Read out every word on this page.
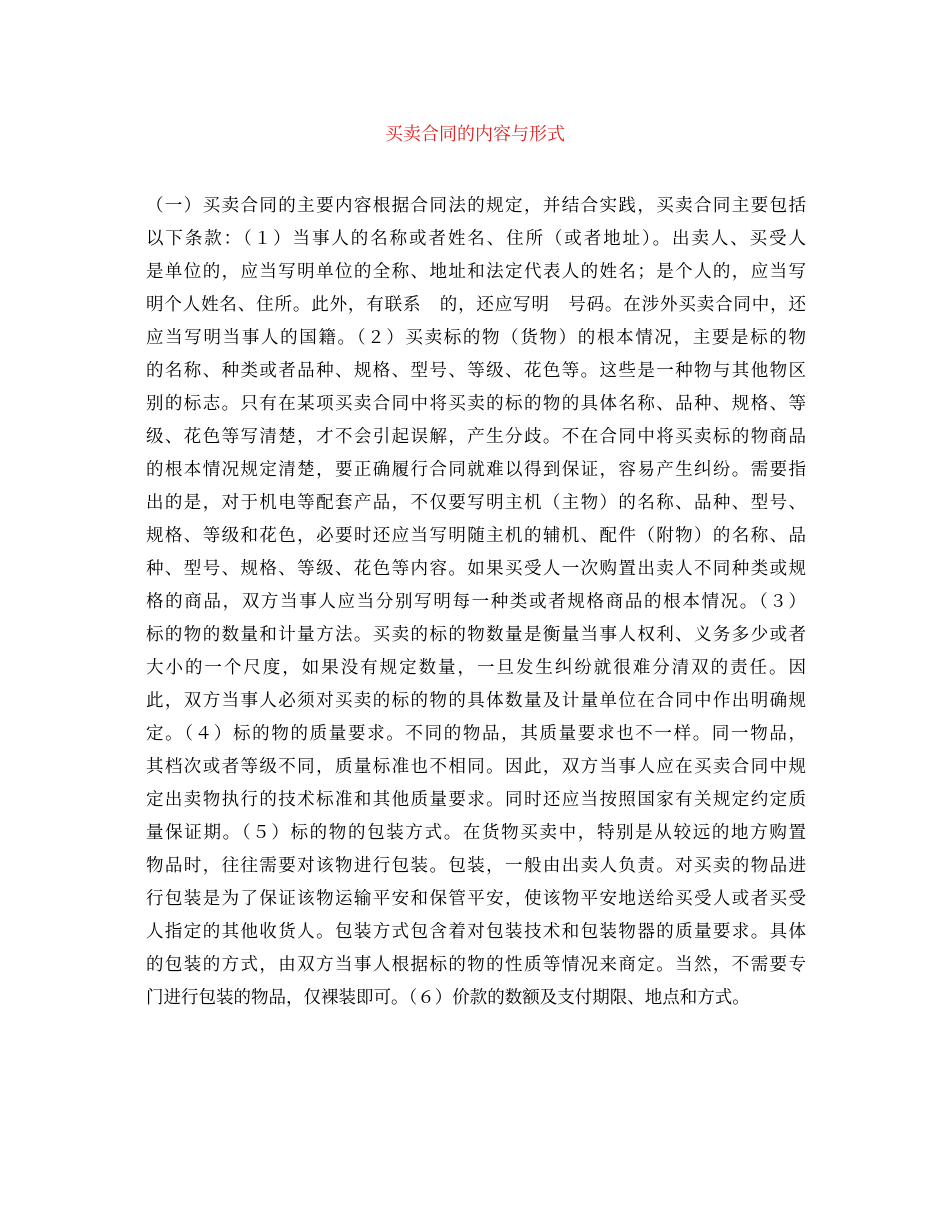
买卖合同的内容与形式
（一）买卖合同的主要内容根据合同法的规定，并结合实践，买卖合同主要包括
以下条款：（１）当事人的名称或者姓名、住所（或者地址）。出卖人、买受人
是单位的，应当写明单位的全称、地址和法定代表人的姓名；是个人的，应当写
明个人姓名、住所。此外，有联系　的，还应写明　号码。在涉外买卖合同中，还
应当写明当事人的国籍。（２）买卖标的物（货物）的根本情况，主要是标的物
的名称、种类或者品种、规格、型号、等级、花色等。这些是一种物与其他物区
别的标志。只有在某项买卖合同中将买卖的标的物的具体名称、品种、规格、等
级、花色等写清楚，才不会引起误解，产生分歧。不在合同中将买卖标的物商品
的根本情况规定清楚，要正确履行合同就难以得到保证，容易产生纠纷。需要指
出的是，对于机电等配套产品，不仅要写明主机（主物）的名称、品种、型号、
规格、等级和花色，必要时还应当写明随主机的辅机、配件（附物）的名称、品
种、型号、规格、等级、花色等内容。如果买受人一次购置出卖人不同种类或规
格的商品，双方当事人应当分别写明每一种类或者规格商品的根本情况。（３）
标的物的数量和计量方法。买卖的标的物数量是衡量当事人权利、义务多少或者
大小的一个尺度，如果没有规定数量，一旦发生纠纷就很难分清双的责任。因
此，双方当事人必须对买卖的标的物的具体数量及计量单位在合同中作出明确规
定。（４）标的物的质量要求。不同的物品，其质量要求也不一样。同一物品，
其档次或者等级不同，质量标准也不相同。因此，双方当事人应在买卖合同中规
定出卖物执行的技术标准和其他质量要求。同时还应当按照国家有关规定约定质
量保证期。（５）标的物的包装方式。在货物买卖中，特别是从较远的地方购置
物品时，往往需要对该物进行包装。包装，一般由出卖人负责。对买卖的物品进
行包装是为了保证该物运输平安和保管平安，使该物平安地送给买受人或者买受
人指定的其他收货人。包装方式包含着对包装技术和包装物器的质量要求。具体
的包装的方式，由双方当事人根据标的物的性质等情况来商定。当然，不需要专
门进行包装的物品，仅裸装即可。（６）价款的数额及支付期限、地点和方式。
